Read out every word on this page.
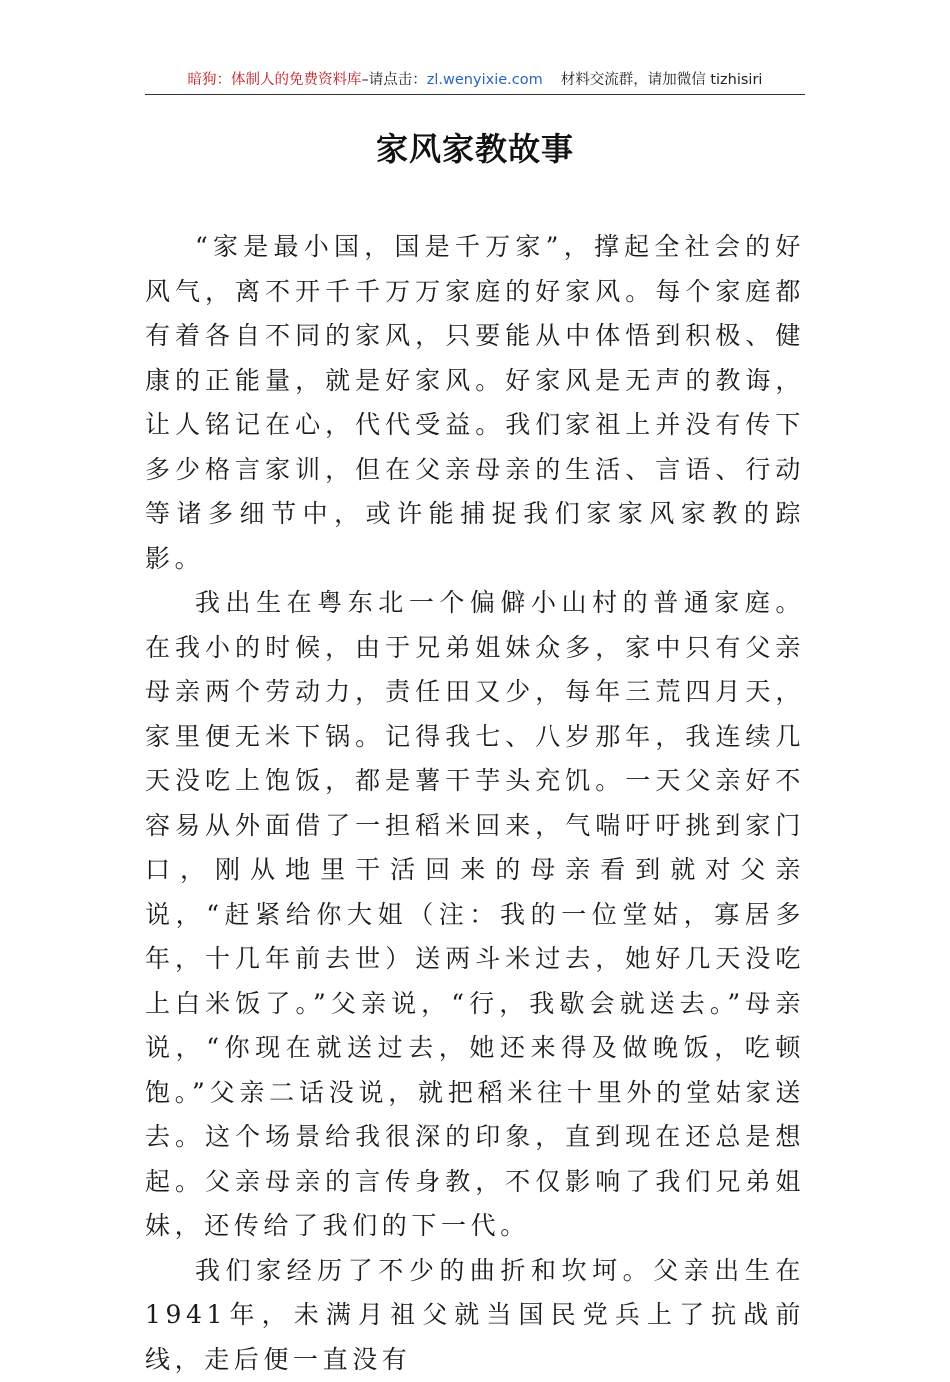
暗狗：体制人的免费资料库–请点击：zl.wenyixie.com 材料交流群，请加微信 tizhisiri
家风家教故事

“家是最小国，国是千万家”，撑起全社会的好风气，离不开千千万万家庭的好家风。每个家庭都有着各自不同的家风，只要能从中体悟到积极、健康的正能量，就是好家风。好家风是无声的教诲，让人铭记在心，代代受益。我们家祖上并没有传下多少格言家训，但在父亲母亲的生活、言语、行动等诸多细节中，或许能捕捉我们家家风家教的踪影。

我出生在粤东北一个偏僻小山村的普通家庭。在我小的时候，由于兄弟姐妹众多，家中只有父亲母亲两个劳动力，责任田又少，每年三荒四月天，家里便无米下锅。记得我七、八岁那年，我连续几天没吃上饱饭，都是薯干芋头充饥。一天父亲好不容易从外面借了一担稻米回来，气喘吁吁挑到家门口，刚从地里干活回来的母亲看到就对父亲说，“赶紧给你大姐（注：我的一位堂姑，寡居多年，十几年前去世）送两斗米过去，她好几天没吃上白米饭了。”父亲说，“行，我歇会就送去。”母亲说，“你现在就送过去，她还来得及做晚饭，吃顿饱。”父亲二话没说，就把稻米往十里外的堂姑家送去。这个场景给我很深的印象，直到现在还总是想起。父亲母亲的言传身教，不仅影响了我们兄弟姐妹，还传给了我们的下一代。

我们家经历了不少的曲折和坎坷。父亲出生在1941年，未满月祖父就当国民党兵上了抗战前线，走后便一直没有
